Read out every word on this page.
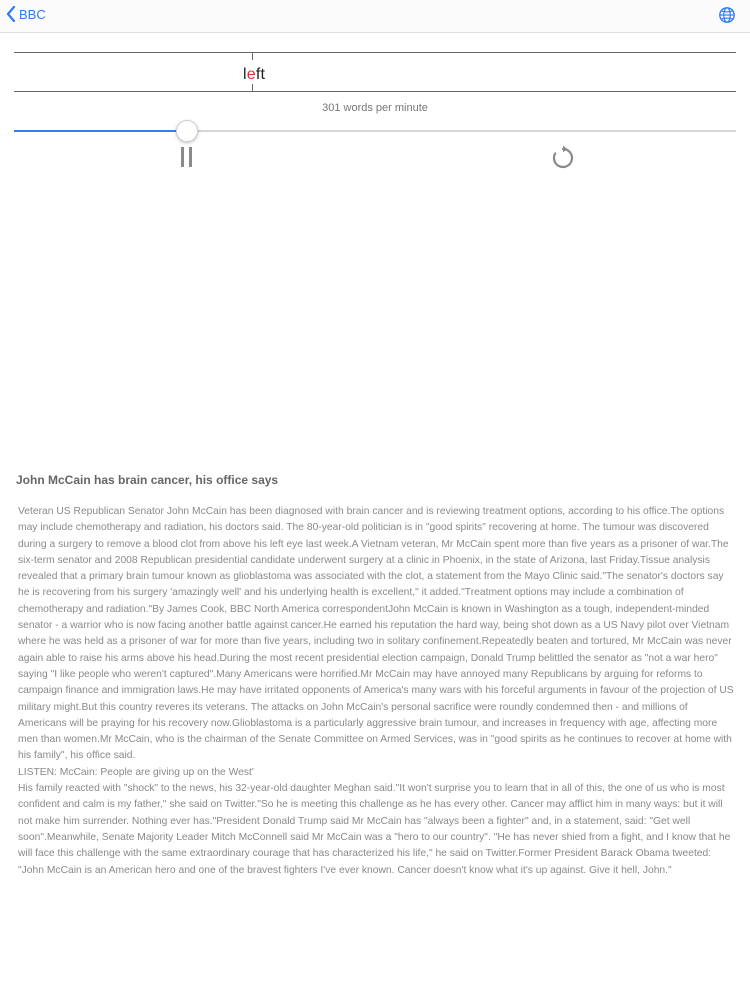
BBC
left
301 words per minute
John McCain has brain cancer, his office says

Veteran US Republican Senator John McCain has been diagnosed with brain cancer and is reviewing treatment options, according to his office.The options may include chemotherapy and radiation, his doctors said. The 80-year-old politician is in "good spirits" recovering at home. The tumour was discovered during a surgery to remove a blood clot from above his left eye last week.A Vietnam veteran, Mr McCain spent more than five years as a prisoner of war.The six-term senator and 2008 Republican presidential candidate underwent surgery at a clinic in Phoenix, in the state of Arizona, last Friday.Tissue analysis revealed that a primary brain tumour known as glioblastoma was associated with the clot, a statement from the Mayo Clinic said."The senator's doctors say he is recovering from his surgery 'amazingly well' and his underlying health is excellent," it added."Treatment options may include a combination of chemotherapy and radiation."By James Cook, BBC North America correspondentJohn McCain is known in Washington as a tough, independent-minded senator - a warrior who is now facing another battle against cancer.He earned his reputation the hard way, being shot down as a US Navy pilot over Vietnam where he was held as a prisoner of war for more than five years, including two in solitary confinement.Repeatedly beaten and tortured, Mr McCain was never again able to raise his arms above his head.During the most recent presidential election campaign, Donald Trump belittled the senator as "not a war hero" saying "I like people who weren't captured".Many Americans were horrified.Mr McCain may have annoyed many Republicans by arguing for reforms to campaign finance and immigration laws.He may have irritated opponents of America's many wars with his forceful arguments in favour of the projection of US military might.But this country reveres its veterans. The attacks on John McCain's personal sacrifice were roundly condemned then - and millions of Americans will be praying for his recovery now.Glioblastoma is a particularly aggressive brain tumour, and increases in frequency with age, affecting more men than women.Mr McCain, who is the chairman of the Senate Committee on Armed Services, was in "good spirits as he continues to recover at home with his family", his office said.

LISTEN: McCain: People are giving up on the West'

His family reacted with "shock" to the news, his 32-year-old daughter Meghan said."It won't surprise you to learn that in all of this, the one of us who is most confident and calm is my father," she said on Twitter."So he is meeting this challenge as he has every other. Cancer may afflict him in many ways: but it will not make him surrender. Nothing ever has."President Donald Trump said Mr McCain has "always been a fighter" and, in a statement, said: "Get well soon".Meanwhile, Senate Majority Leader Mitch McConnell said Mr McCain was a "hero to our country". "He has never shied from a fight, and I know that he will face this challenge with the same extraordinary courage that has characterized his life," he said on Twitter.Former President Barack Obama tweeted: "John McCain is an American hero and one of the bravest fighters I've ever known. Cancer doesn't know what it's up against. Give it hell, John."
